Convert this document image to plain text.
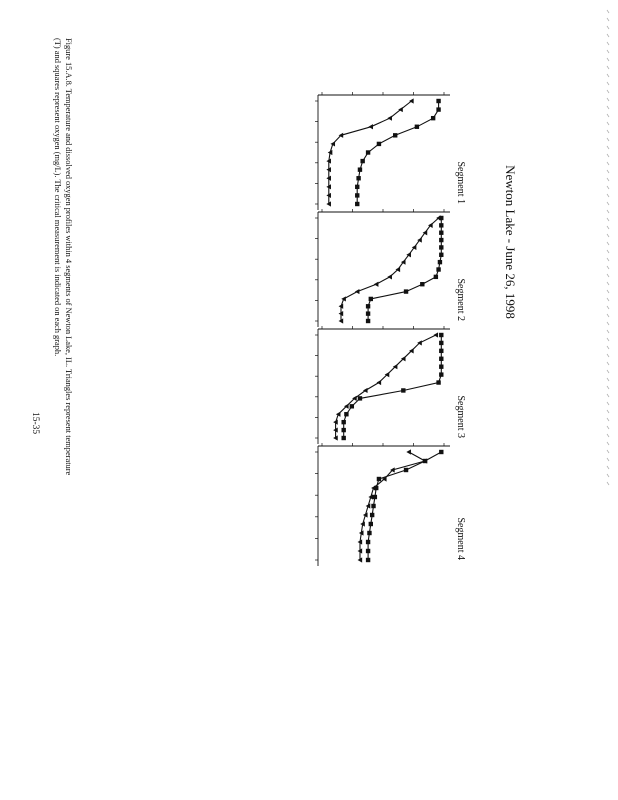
Newton Lake - June 26, 1998
Segment 1
Segment 2
Segment 3
Segment 4
Figure 15.A.8. Temperature and dissolved oxygen profiles within 4 segments of Newton Lake, IL. Triangles represent temperature
(T) and squares represent oxygen (mg/L). The critical measurement is indicated on each graph.
15-35
